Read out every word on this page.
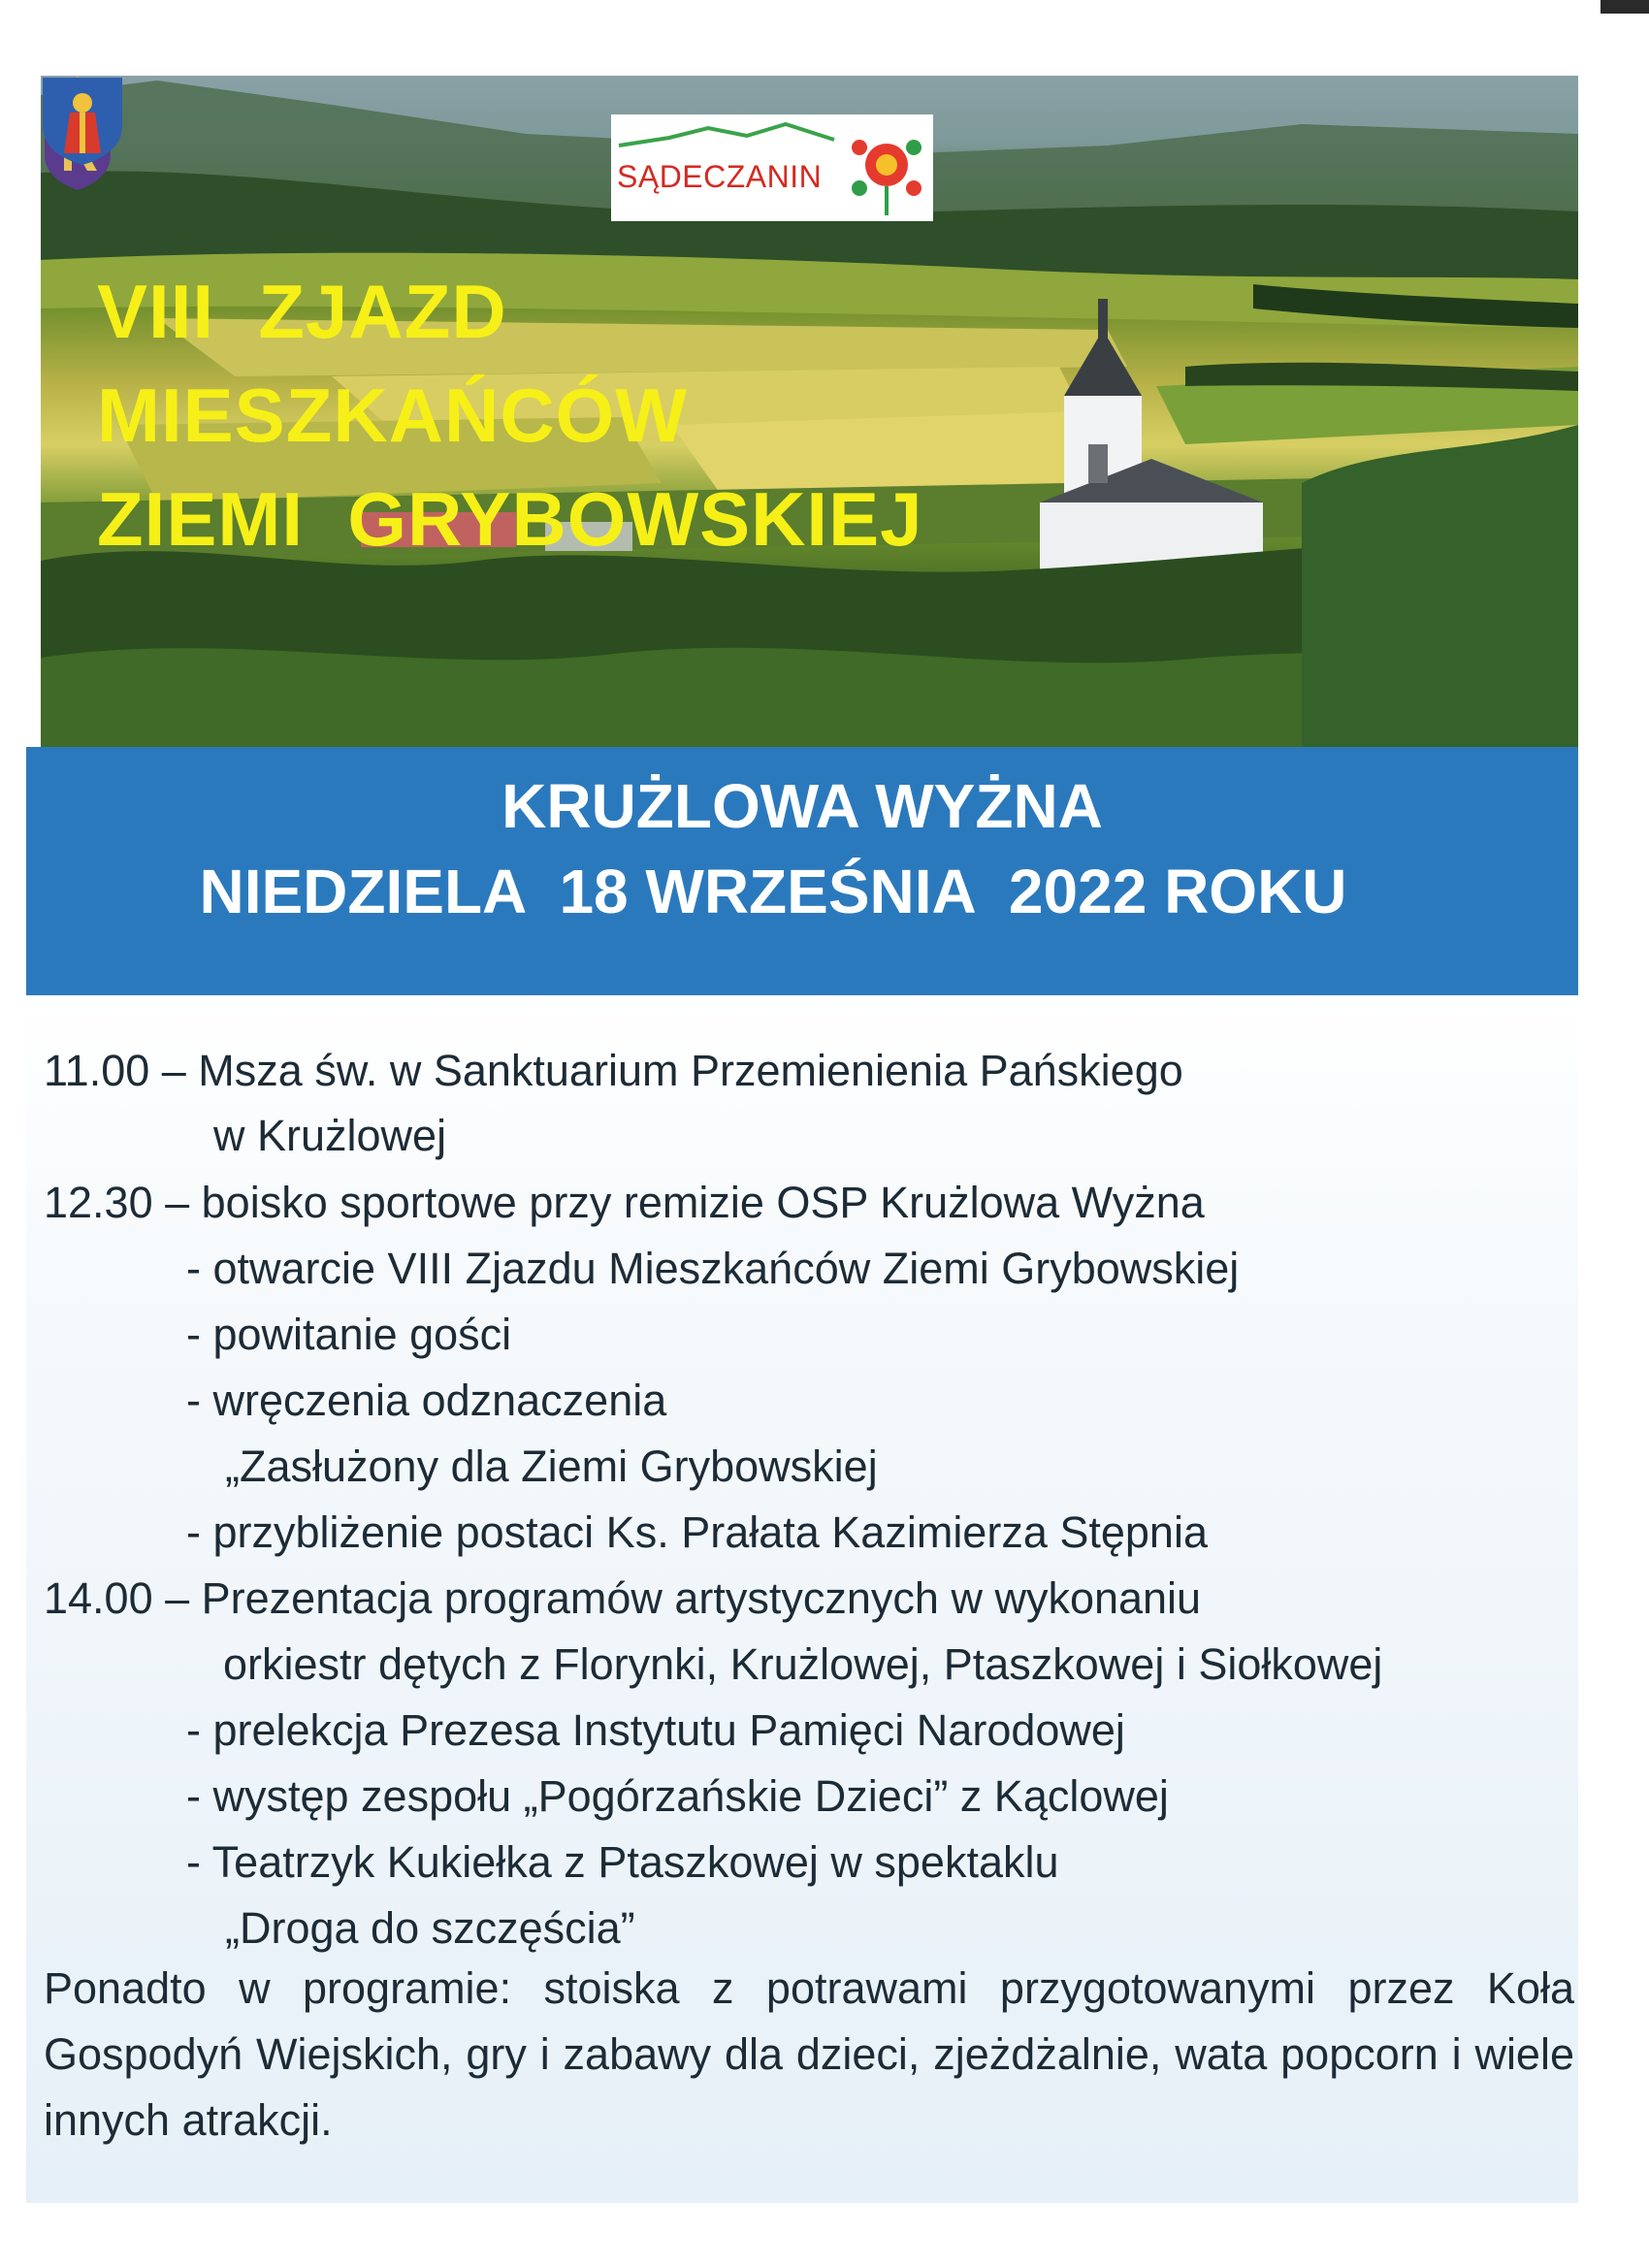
SĄDECZANIN
VIII  ZJAZD
MIESZKAŃCÓW
ZIEMI  GRYBOWSKIEJ
KRUŻLOWA WYŻNA
NIEDZIELA  18 WRZEŚNIA  2022 ROKU
11.00 – Msza św. w Sanktuarium Przemienienia Pańskiego
w Krużlowej
12.30 – boisko sportowe przy remizie OSP Krużlowa Wyżna
- otwarcie VIII Zjazdu Mieszkańców Ziemi Grybowskiej
- powitanie gości
- wręczenia odznaczenia
„Zasłużony dla Ziemi Grybowskiej
- przybliżenie postaci Ks. Prałata Kazimierza Stępnia
14.00 – Prezentacja programów artystycznych w wykonaniu
orkiestr dętych z Florynki, Krużlowej, Ptaszkowej i Siołkowej
- prelekcja Prezesa Instytutu Pamięci Narodowej
- występ zespołu „Pogórzańskie Dzieci” z Kąclowej
- Teatrzyk Kukiełka z Ptaszkowej w spektaklu
„Droga do szczęścia”

Ponadto w programie: stoiska z potrawami przygotowanymi przez Koła Gospodyń Wiejskich, gry i zabawy dla dzieci, zjeżdżalnie, wata popcorn i wiele innych atrakcji.
